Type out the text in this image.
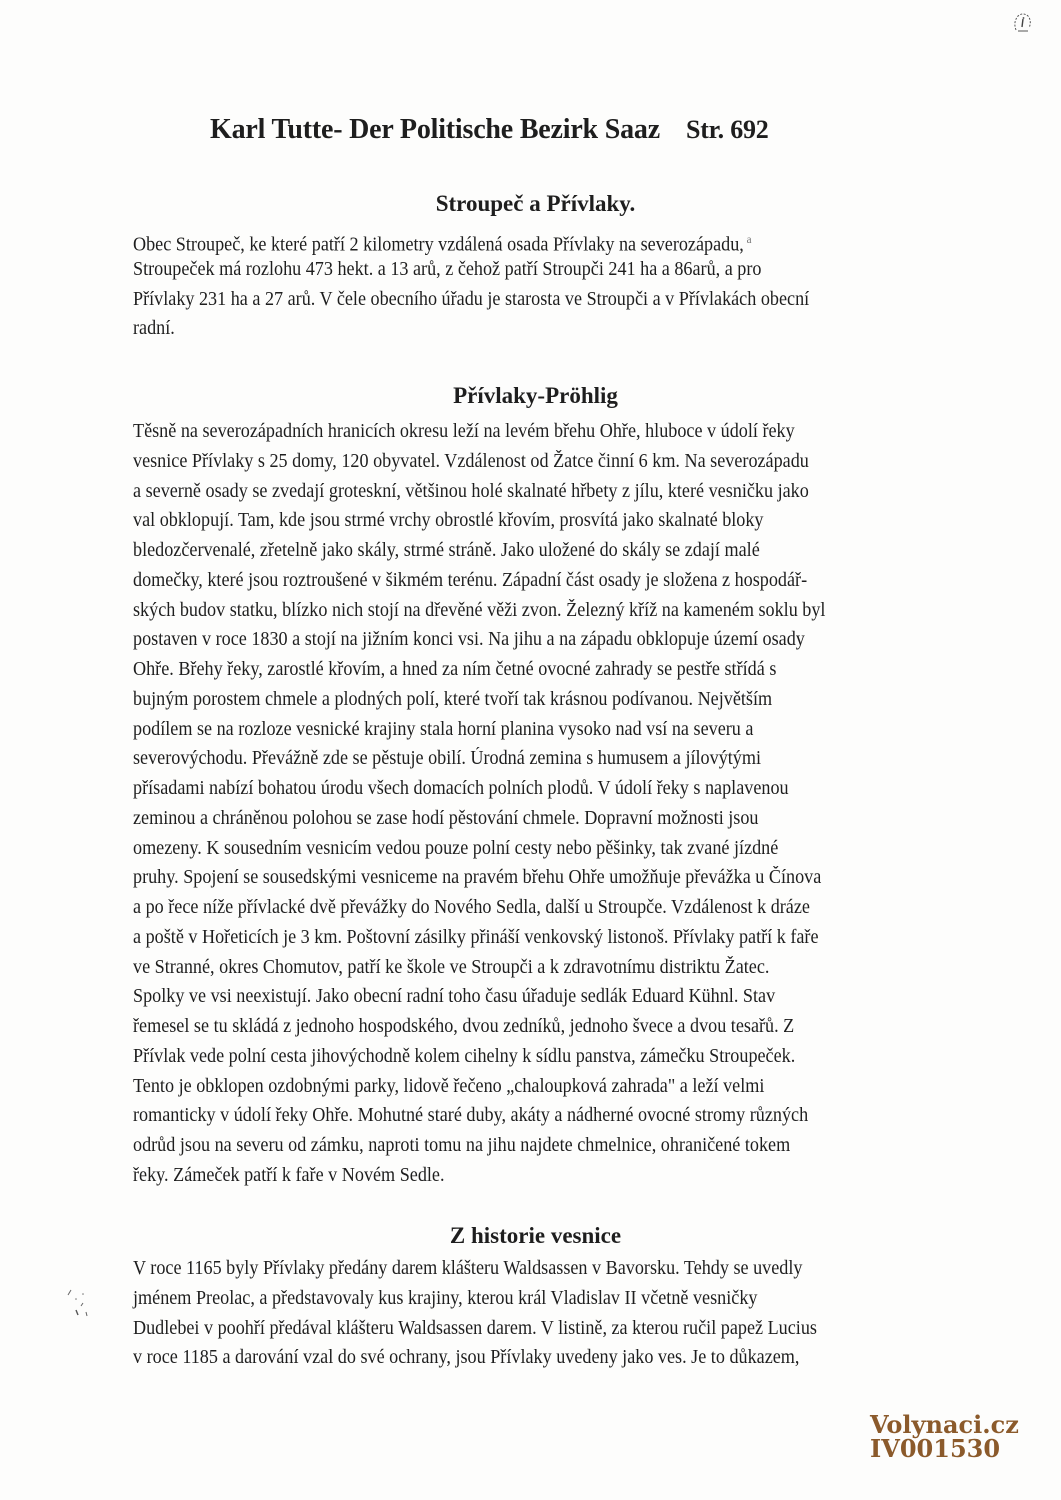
Karl Tutte- Der Politische Bezirk Saaz Str. 692
Stroupeč a Přívlaky.
Obec Stroupeč, ke které patří 2 kilometry vzdálená osada Přívlaky na severozápadu, $^a$
Stroupeček má rozlohu 473 hekt. a 13 arů, z čehož patří Stroupči 241 ha a 86arů, a pro
Přívlaky 231 ha a 27 arů. V čele obecního úřadu je starosta ve Stroupči a v Přívlakách obecní
radní.
Přívlaky-Pröhlig
Těsně na severozápadních hranicích okresu leží na levém břehu Ohře, hluboce v údolí řeky
vesnice Přívlaky s 25 domy, 120 obyvatel. Vzdálenost od Žatce činní 6 km. Na severozápadu
a severně osady se zvedají groteskní, většinou holé skalnaté hřbety z jílu, které vesničku jako
val obklopují. Tam, kde jsou strmé vrchy obrostlé křovím, prosvítá jako skalnaté bloky
bledozčervenalé, zřetelně jako skály, strmé stráně. Jako uložené do skály se zdají malé
domečky, které jsou roztroušené v šikmém terénu. Západní část osady je složena z hospodář-
ských budov statku, blízko nich stojí na dřevěné věži zvon. Železný kříž na kameném soklu byl
postaven v roce 1830 a stojí na jižním konci vsi. Na jihu a na západu obklopuje území osady
Ohře. Břehy řeky, zarostlé křovím, a hned za ním četné ovocné zahrady se pestře střídá s
bujným porostem chmele a plodných polí, které tvoří tak krásnou podívanou. Největším
podílem se na rozloze vesnické krajiny stala horní planina vysoko nad vsí na severu a
severovýchodu. Převážně zde se pěstuje obilí. Úrodná zemina s humusem a jílovýtými
přísadami nabízí bohatou úrodu všech domacích polních plodů. V údolí řeky s naplavenou
zeminou a chráněnou polohou se zase hodí pěstování chmele. Dopravní možnosti jsou
omezeny. K sousedním vesnicím vedou pouze polní cesty nebo pěšinky, tak zvané jízdné
pruhy. Spojení se sousedskými vesniceme na pravém břehu Ohře umožňuje převážka u Čínova
a po řece níže přívlacké dvě převážky do Nového Sedla, další u Stroupče. Vzdálenost k dráze
a poště v Hořeticích je 3 km. Poštovní zásilky přináší venkovský listonoš. Přívlaky patří k faře
ve Stranné, okres Chomutov, patří ke škole ve Stroupči a k zdravotnímu distriktu Žatec.
Spolky ve vsi neexistují. Jako obecní radní toho času úřaduje sedlák Eduard Kühnl. Stav
řemesel se tu skládá z jednoho hospodského, dvou zedníků, jednoho švece a dvou tesařů. Z
Přívlak vede polní cesta jihovýchodně kolem cihelny k sídlu panstva, zámečku Stroupeček.
Tento je obklopen ozdobnými parky, lidově řečeno „chaloupková zahrada" a leží velmi
romanticky v údolí řeky Ohře. Mohutné staré duby, akáty a nádherné ovocné stromy různých
odrůd jsou na severu od zámku, naproti tomu na jihu najdete chmelnice, ohraničené tokem
řeky. Zámeček patří k faře v Novém Sedle.
Z historie vesnice
V roce 1165 byly Přívlaky předány darem klášteru Waldsassen v Bavorsku. Tehdy se uvedly
jménem Preolac, a představovaly kus krajiny, kterou král Vladislav II včetně vesničky
Dudlebei v poohří předával klášteru Waldsassen darem. V listině, za kterou ručil papež Lucius
v roce 1185 a darování vzal do své ochrany, jsou Přívlaky uvedeny jako ves. Je to důkazem,
Volynaci.cz
IV001530
